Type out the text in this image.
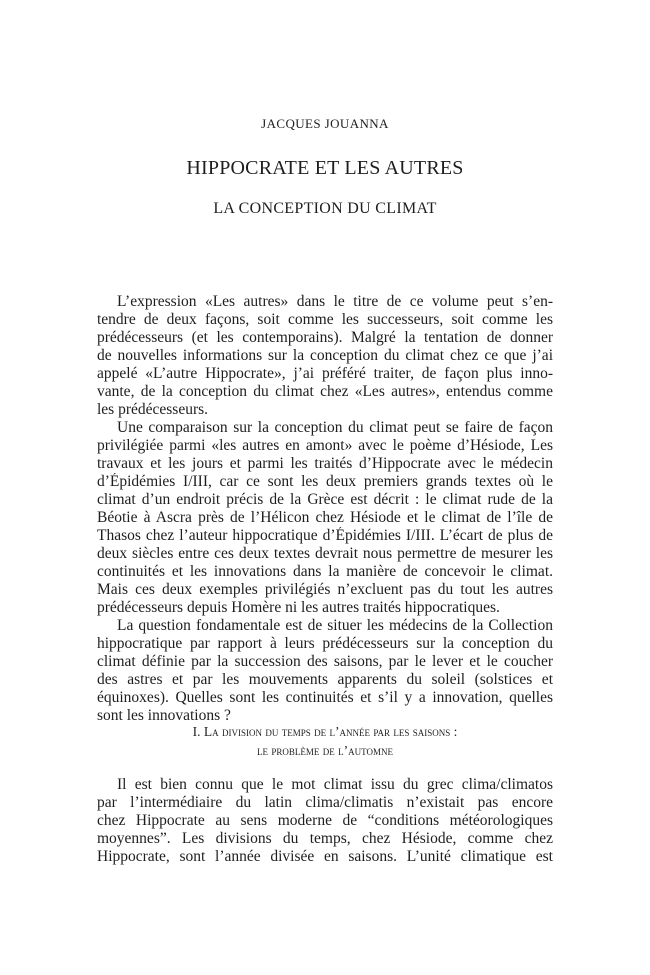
JACQUES JOUANNA
HIPPOCRATE ET LES AUTRES
LA CONCEPTION DU CLIMAT
L’expression «Les autres» dans le titre de ce volume peut s’en-
tendre de deux façons, soit comme les successeurs, soit comme les
prédécesseurs (et les contemporains). Malgré la tentation de donner
de nouvelles informations sur la conception du climat chez ce que j’ai
appelé «L’autre Hippocrate», j’ai préféré traiter, de façon plus inno-
vante, de la conception du climat chez «Les autres», entendus comme
les prédécesseurs.
Une comparaison sur la conception du climat peut se faire de façon
privilégiée parmi «les autres en amont» avec le poème d’Hésiode, Les
travaux et les jours et parmi les traités d’Hippocrate avec le médecin
d’Épidémies I/III, car ce sont les deux premiers grands textes où le
climat d’un endroit précis de la Grèce est décrit : le climat rude de la
Béotie à Ascra près de l’Hélicon chez Hésiode et le climat de l’île de
Thasos chez l’auteur hippocratique d’Épidémies I/III. L’écart de plus de
deux siècles entre ces deux textes devrait nous permettre de mesurer les
continuités et les innovations dans la manière de concevoir le climat.
Mais ces deux exemples privilégiés n’excluent pas du tout les autres
prédécesseurs depuis Homère ni les autres traités hippocratiques.
La question fondamentale est de situer les médecins de la Collection
hippocratique par rapport à leurs prédécesseurs sur la conception du
climat définie par la succession des saisons, par le lever et le coucher
des astres et par les mouvements apparents du soleil (solstices et
équinoxes). Quelles sont les continuités et s’il y a innovation, quelles
sont les innovations ?
I. La division du temps de l’année par les saisons :
le problème de l’automne
Il est bien connu que le mot climat issu du grec clima/climatos
par l’intermédiaire du latin clima/climatis n’existait pas encore
chez Hippocrate au sens moderne de “conditions météorologiques
moyennes”. Les divisions du temps, chez Hésiode, comme chez
Hippocrate, sont l’année divisée en saisons. L’unité climatique est
